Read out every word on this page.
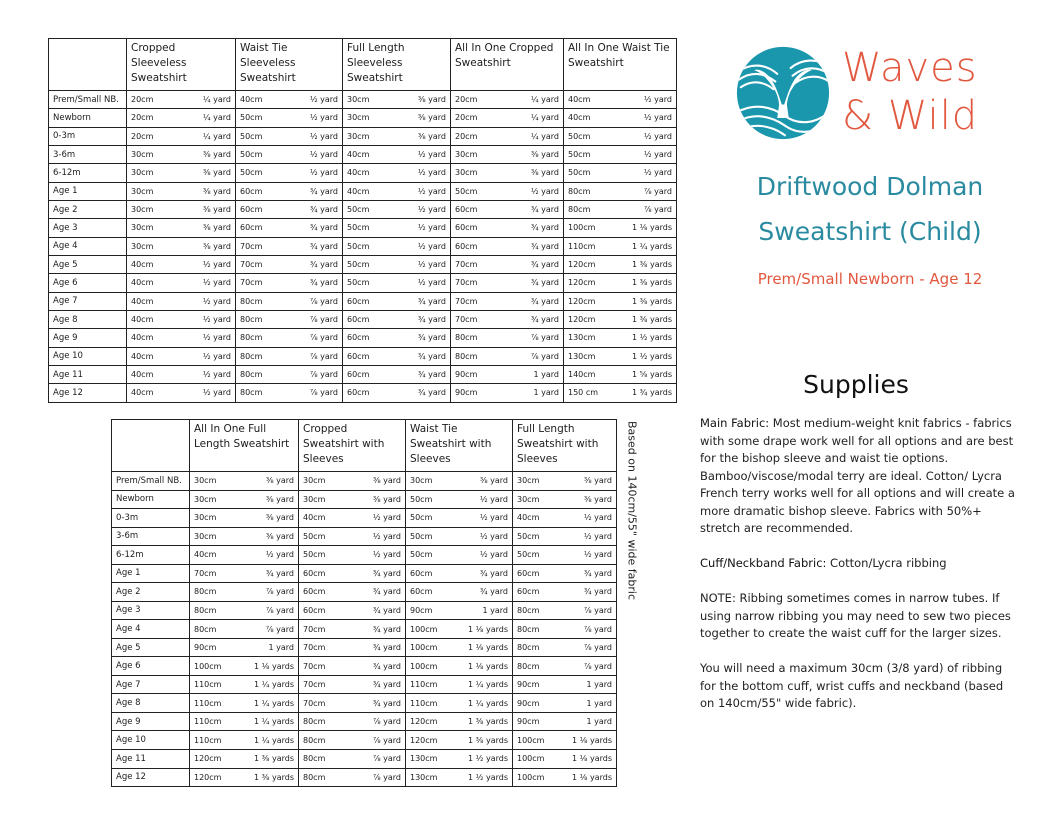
	Cropped Sleeveless Sweatshirt	Waist Tie Sleeveless Sweatshirt	Full Length Sleeveless Sweatshirt	All In One Cropped Sweatshirt	All In One Waist Tie Sweatshirt
Prem/Small NB.	20cm ¼ yard	40cm ½ yard	30cm ⅜ yard	20cm ¼ yard	40cm ½ yard

Newborn	20cm ¼ yard	50cm ½ yard	30cm ⅜ yard	20cm ¼ yard	40cm ½ yard

0-3m	20cm ¼ yard	50cm ½ yard	30cm ⅜ yard	20cm ¼ yard	50cm ½ yard

3-6m	30cm ⅜ yard	50cm ½ yard	40cm ½ yard	30cm ⅜ yard	50cm ½ yard

6-12m	30cm ⅜ yard	50cm ½ yard	40cm ½ yard	30cm ⅜ yard	50cm ½ yard

Age 1	30cm ⅜ yard	60cm ¾ yard	40cm ½ yard	50cm ½ yard	80cm ⅞ yard

Age 2	30cm ⅜ yard	60cm ¾ yard	50cm ½ yard	60cm ¾ yard	80cm ⅞ yard

Age 3	30cm ⅜ yard	60cm ¾ yard	50cm ½ yard	60cm ¾ yard	100cm 1 ⅛ yards

Age 4	30cm ⅜ yard	70cm ¾ yard	50cm ½ yard	60cm ¾ yard	110cm 1 ¼ yards

Age 5	40cm ½ yard	70cm ¾ yard	50cm ½ yard	70cm ¾ yard	120cm 1 ⅜ yards

Age 6	40cm ½ yard	70cm ¾ yard	50cm ½ yard	70cm ¾ yard	120cm 1 ⅜ yards

Age 7	40cm ½ yard	80cm ⅞ yard	60cm ¾ yard	70cm ¾ yard	120cm 1 ⅜ yards

Age 8	40cm ½ yard	80cm ⅞ yard	60cm ¾ yard	70cm ¾ yard	120cm 1 ⅜ yards

Age 9	40cm ½ yard	80cm ⅞ yard	60cm ¾ yard	80cm ⅞ yard	130cm 1 ½ yards

Age 10	40cm ½ yard	80cm ⅞ yard	60cm ¾ yard	80cm ⅞ yard	130cm 1 ½ yards

Age 11	40cm ½ yard	80cm ⅞ yard	60cm ¾ yard	90cm 1 yard	140cm 1 ⅝ yards

Age 12	40cm ½ yard	80cm ⅞ yard	60cm ¾ yard	90cm 1 yard	150 cm 1 ¾ yards
	All In One Full Length Sweatshirt	Cropped Sweatshirt with Sleeves	Waist Tie Sweatshirt with Sleeves	Full Length Sweatshirt with Sleeves
Prem/Small NB.	30cm ⅜ yard	30cm ⅜ yard	30cm ⅜ yard	30cm ⅜ yard

Newborn	30cm ⅜ yard	30cm ⅜ yard	50cm ½ yard	30cm ⅜ yard

0-3m	30cm ⅜ yard	40cm ½ yard	50cm ½ yard	40cm ½ yard

3-6m	30cm ⅜ yard	50cm ½ yard	50cm ½ yard	50cm ½ yard

6-12m	40cm ½ yard	50cm ½ yard	50cm ½ yard	50cm ½ yard

Age 1	70cm ¾ yard	60cm ¾ yard	60cm ¾ yard	60cm ¾ yard

Age 2	80cm ⅞ yard	60cm ¾ yard	60cm ¾ yard	60cm ¾ yard

Age 3	80cm ⅞ yard	60cm ¾ yard	90cm 1 yard	80cm ⅞ yard

Age 4	80cm ⅞ yard	70cm ¾ yard	100cm 1 ⅛ yards	80cm ⅞ yard

Age 5	90cm 1 yard	70cm ¾ yard	100cm 1 ⅛ yards	80cm ⅞ yard

Age 6	100cm 1 ⅛ yards	70cm ¾ yard	100cm 1 ⅛ yards	80cm ⅞ yard

Age 7	110cm 1 ¼ yards	70cm ¾ yard	110cm 1 ¼ yards	90cm 1 yard

Age 8	110cm 1 ¼ yards	70cm ¾ yard	110cm 1 ¼ yards	90cm 1 yard

Age 9	110cm 1 ¼ yards	80cm ⅞ yard	120cm 1 ⅜ yards	90cm 1 yard

Age 10	110cm 1 ¼ yards	80cm ⅞ yard	120cm 1 ⅜ yards	100cm 1 ⅛ yards

Age 11	120cm 1 ⅜ yards	80cm ⅞ yard	130cm 1 ½ yards	100cm 1 ⅛ yards

Age 12	120cm 1 ⅜ yards	80cm ⅞ yard	130cm 1 ½ yards	100cm 1 ⅛ yards
Based on 140cm/55" wide fabric
Waves
& Wild
Driftwood Dolman
Sweatshirt (Child)
Prem/Small Newborn - Age 12
Supplies

Main Fabric: Most medium-weight knit fabrics - fabrics with some drape work well for all options and are best for the bishop sleeve and waist tie options.

Bamboo/viscose/modal terry are ideal. Cotton/ Lycra French terry works well for all options and will create a more dramatic bishop sleeve. Fabrics with 50%+ stretch are recommended.

Cuff/Neckband Fabric: Cotton/Lycra ribbing

NOTE: Ribbing sometimes comes in narrow tubes. If using narrow ribbing you may need to sew two pieces together to create the waist cuff for the larger sizes.

You will need a maximum 30cm (3/8 yard) of ribbing for the bottom cuff, wrist cuffs and neckband (based on 140cm/55" wide fabric).
